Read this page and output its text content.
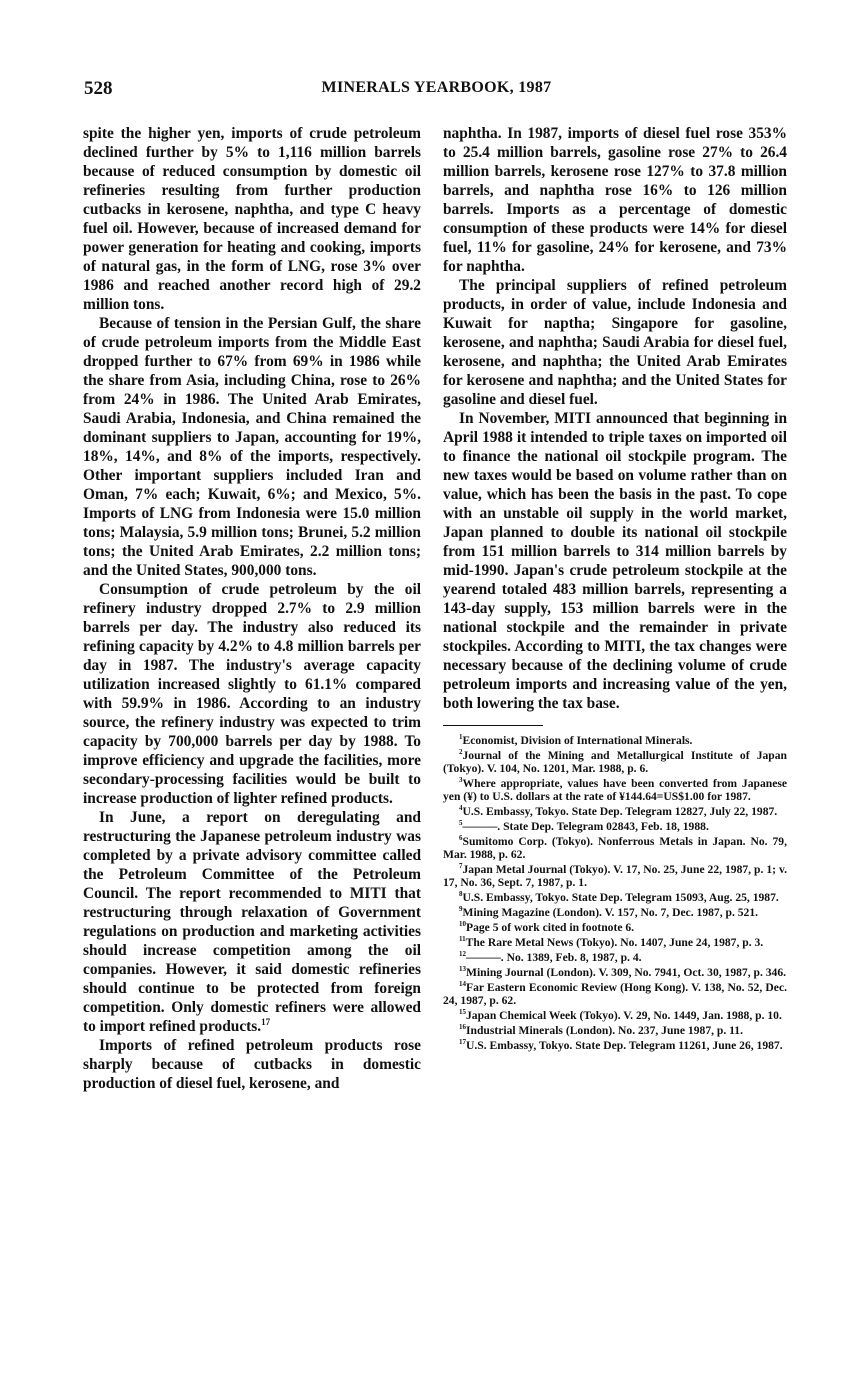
528	MINERALS YEARBOOK, 1987

spite the higher yen, imports of crude petroleum declined further by 5% to 1,116 million barrels because of reduced consumption by domestic oil refineries resulting from further production cutbacks in kerosene, naphtha, and type C heavy fuel oil. However, because of increased demand for power generation for heating and cooking, imports of natural gas, in the form of LNG, rose 3% over 1986 and reached another record high of 29.2 million tons.

Because of tension in the Persian Gulf, the share of crude petroleum imports from the Middle East dropped further to 67% from 69% in 1986 while the share from Asia, including China, rose to 26% from 24% in 1986. The United Arab Emirates, Saudi Arabia, Indonesia, and China remained the dominant suppliers to Japan, accounting for 19%, 18%, 14%, and 8% of the imports, respectively. Other important suppliers included Iran and Oman, 7% each; Kuwait, 6%; and Mexico, 5%. Imports of LNG from Indonesia were 15.0 million tons; Malaysia, 5.9 million tons; Brunei, 5.2 million tons; the United Arab Emirates, 2.2 million tons; and the United States, 900,000 tons.

Consumption of crude petroleum by the oil refinery industry dropped 2.7% to 2.9 million barrels per day. The industry also reduced its refining capacity by 4.2% to 4.8 million barrels per day in 1987. The industry's average capacity utilization increased slightly to 61.1% compared with 59.9% in 1986. According to an industry source, the refinery industry was expected to trim capacity by 700,000 barrels per day by 1988. To improve efficiency and upgrade the facilities, more secondary-processing facilities would be built to increase production of lighter refined products.

In June, a report on deregulating and restructuring the Japanese petroleum industry was completed by a private advisory committee called the Petroleum Committee of the Petroleum Council. The report recommended to MITI that restructuring through relaxation of Government regulations on production and marketing activities should increase competition among the oil companies. However, it said domestic refineries should continue to be protected from foreign competition. Only domestic refiners were allowed to import refined products.$^{17}$

Imports of refined petroleum products rose sharply because of cutbacks in domestic production of diesel fuel, kerosene, and

naphtha. In 1987, imports of diesel fuel rose 353% to 25.4 million barrels, gasoline rose 27% to 26.4 million barrels, kerosene rose 127% to 37.8 million barrels, and naphtha rose 16% to 126 million barrels. Imports as a percentage of domestic consumption of these products were 14% for diesel fuel, 11% for gasoline, 24% for kerosene, and 73% for naphtha.

The principal suppliers of refined petroleum products, in order of value, include Indonesia and Kuwait for naptha; Singapore for gasoline, kerosene, and naphtha; Saudi Arabia for diesel fuel, kerosene, and naphtha; the United Arab Emirates for kerosene and naphtha; and the United States for gasoline and diesel fuel.

In November, MITI announced that beginning in April 1988 it intended to triple taxes on imported oil to finance the national oil stockpile program. The new taxes would be based on volume rather than on value, which has been the basis in the past. To cope with an unstable oil supply in the world market, Japan planned to double its national oil stockpile from 151 million barrels to 314 million barrels by mid-1990. Japan's crude petroleum stockpile at the yearend totaled 483 million barrels, representing a 143-day supply, 153 million barrels were in the national stockpile and the remainder in private stockpiles. According to MITI, the tax changes were necessary because of the declining volume of crude petroleum imports and increasing value of the yen, both lowering the tax base.

$^1$Economist, Division of International Minerals.

$^2$Journal of the Mining and Metallurgical Institute of Japan (Tokyo). V. 104, No. 1201, Mar. 1988, p. 6.

$^3$Where appropriate, values have been converted from Japanese yen (¥) to U.S. dollars at the rate of ¥144.64=US$1.00 for 1987.

$^4$U.S. Embassy, Tokyo. State Dep. Telegram 12827, July 22, 1987.

$^5$———. State Dep. Telegram 02843, Feb. 18, 1988.

$^6$Sumitomo Corp. (Tokyo). Nonferrous Metals in Japan. No. 79, Mar. 1988, p. 62.

$^7$Japan Metal Journal (Tokyo). V. 17, No. 25, June 22, 1987, p. 1; v. 17, No. 36, Sept. 7, 1987, p. 1.

$^8$U.S. Embassy, Tokyo. State Dep. Telegram 15093, Aug. 25, 1987.

$^9$Mining Magazine (London). V. 157, No. 7, Dec. 1987, p. 521.

$^{10}$Page 5 of work cited in footnote 6.

$^{11}$The Rare Metal News (Tokyo). No. 1407, June 24, 1987, p. 3.

$^{12}$———. No. 1389, Feb. 8, 1987, p. 4.

$^{13}$Mining Journal (London). V. 309, No. 7941, Oct. 30, 1987, p. 346.

$^{14}$Far Eastern Economic Review (Hong Kong). V. 138, No. 52, Dec. 24, 1987, p. 62.

$^{15}$Japan Chemical Week (Tokyo). V. 29, No. 1449, Jan. 1988, p. 10.

$^{16}$Industrial Minerals (London). No. 237, June 1987, p. 11.

$^{17}$U.S. Embassy, Tokyo. State Dep. Telegram 11261, June 26, 1987.
